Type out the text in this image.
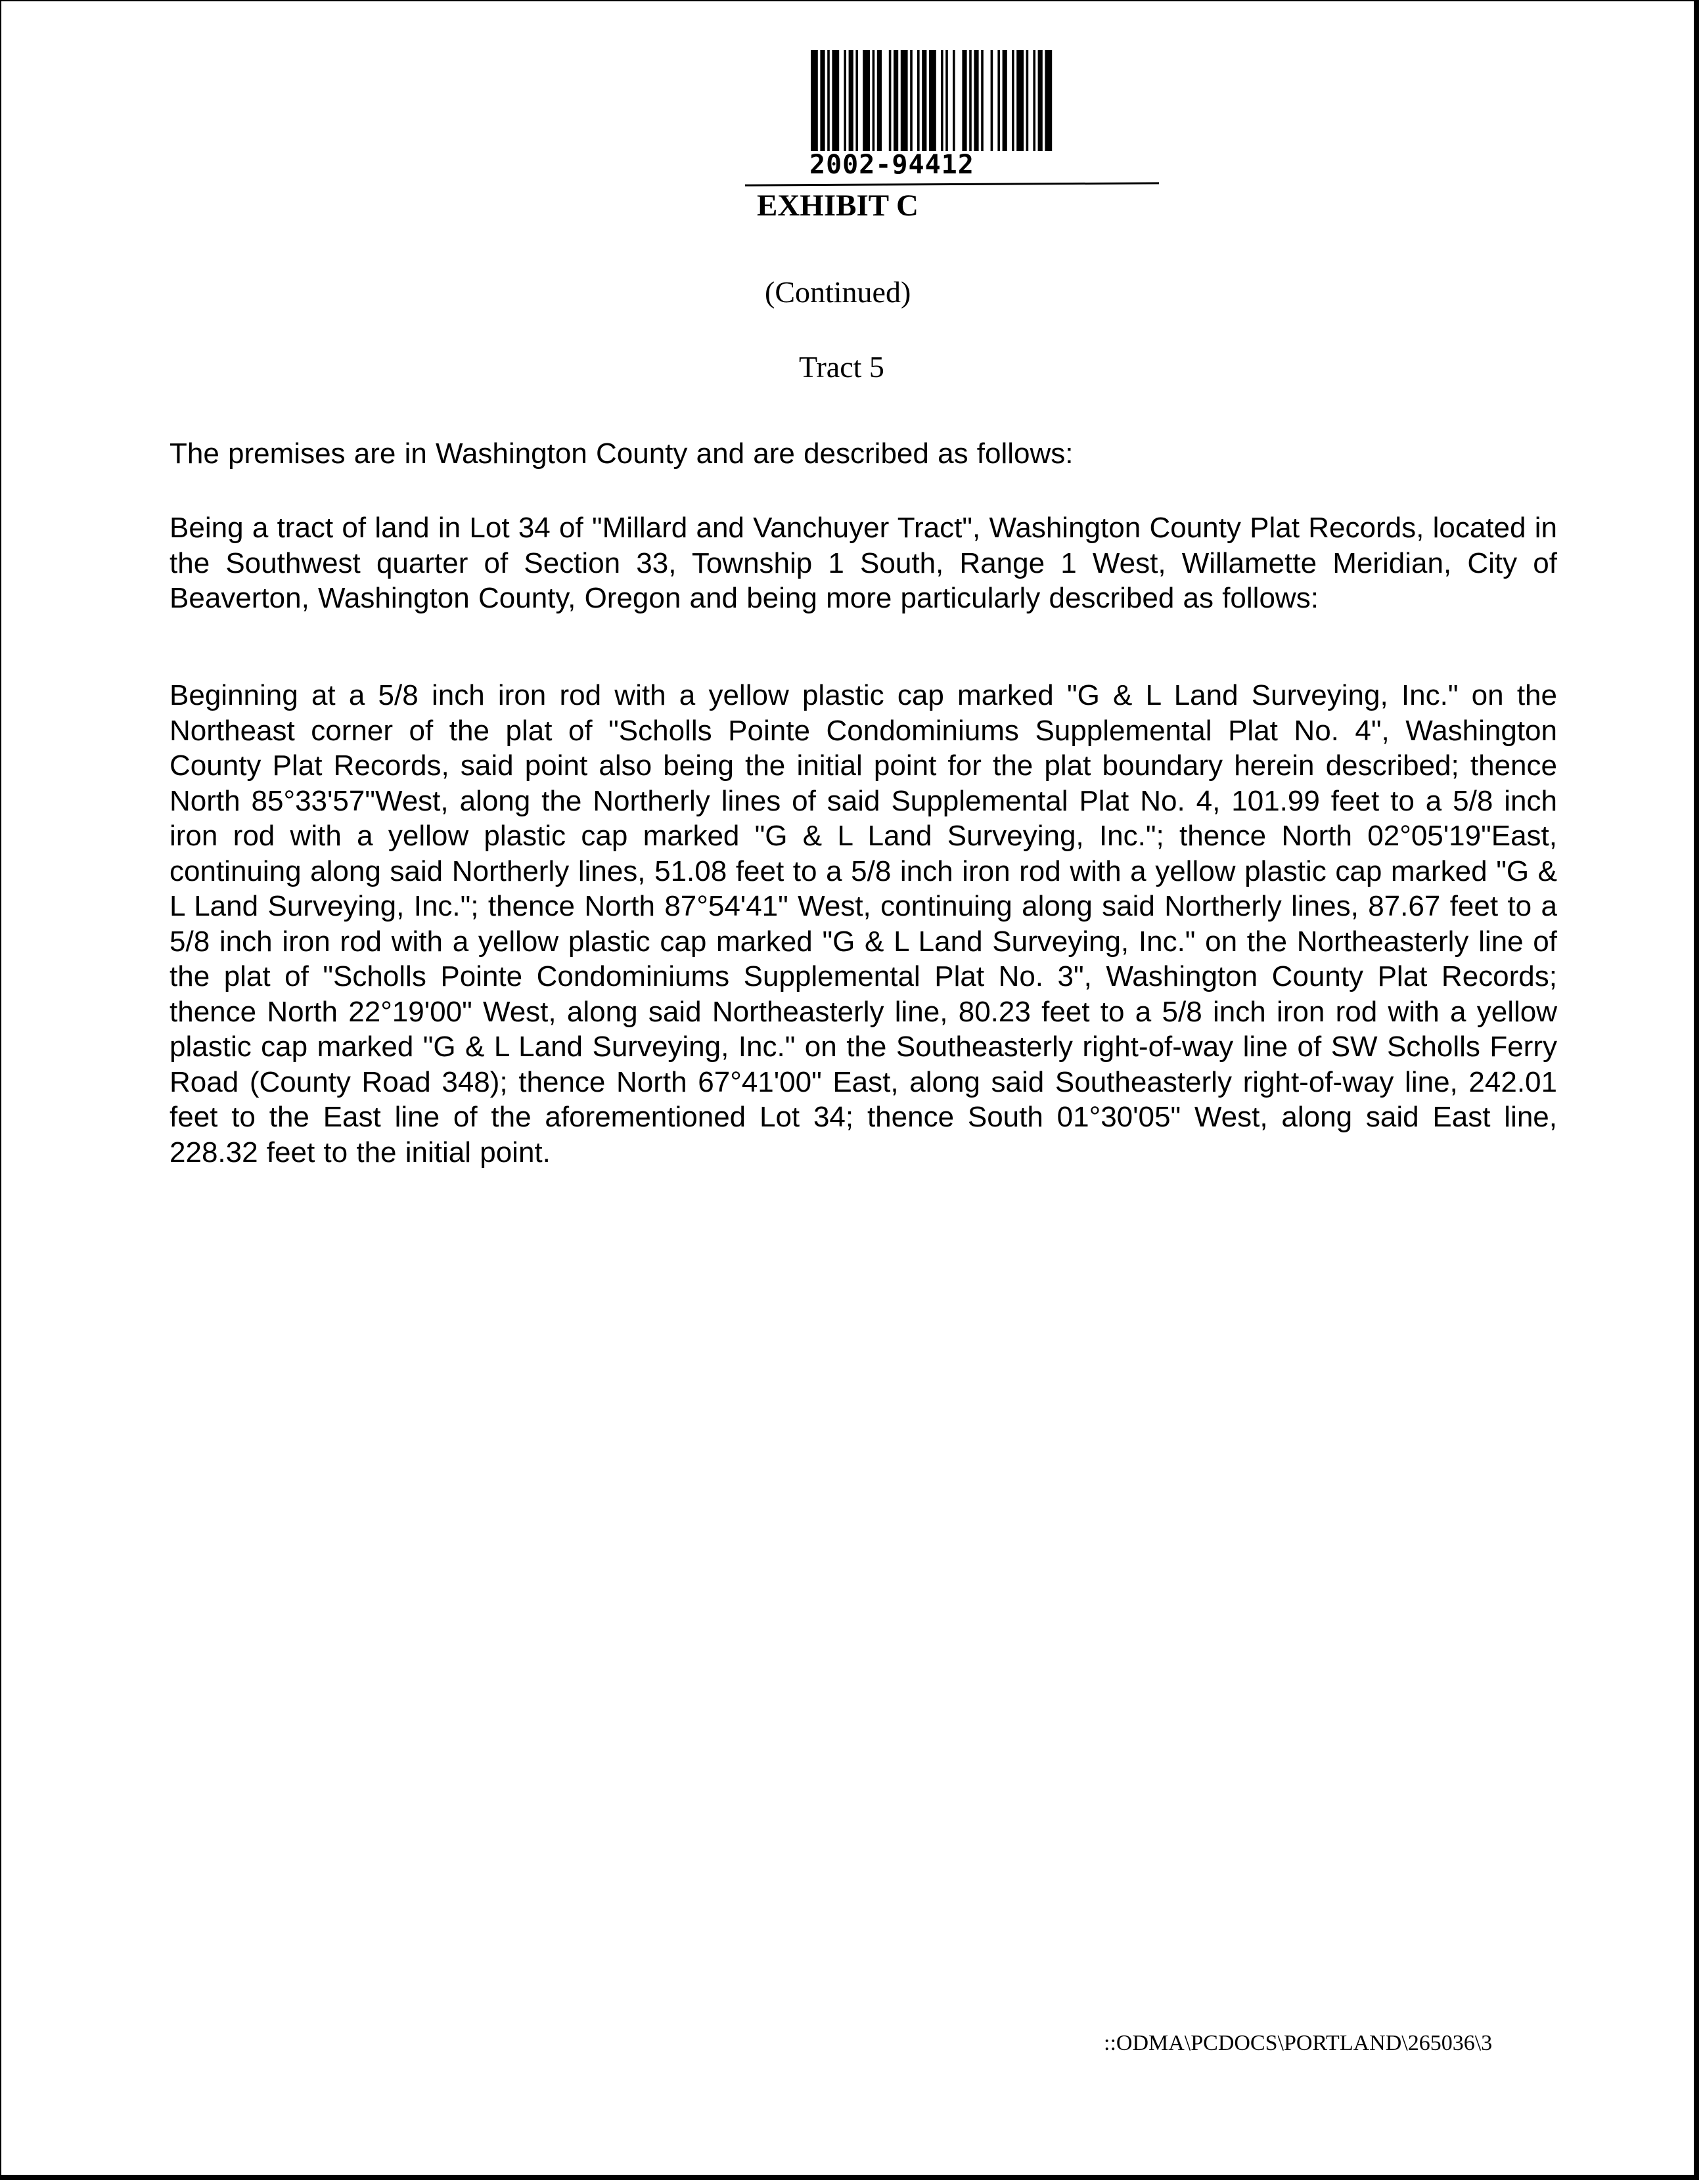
2002-94412
EXHIBIT C
(Continued)
Tract 5
The premises are in Washington County and are described as follows:
Being a tract of land in Lot 34 of "Millard and Vanchuyer Tract", Washington County Plat Records, located in the Southwest quarter of Section 33, Township 1 South, Range 1 West, Willamette Meridian, City of Beaverton, Washington County, Oregon and being more particularly described as follows:
Beginning at a 5/8 inch iron rod with a yellow plastic cap marked "G & L Land Surveying, Inc." on the Northeast corner of the plat of "Scholls Pointe Condominiums Supplemental Plat No. 4", Washington County Plat Records, said point also being the initial point for the plat boundary herein described; thence North 85°33'57"West, along the Northerly lines of said Supplemental Plat No. 4, 101.99 feet to a 5/8 inch iron rod with a yellow plastic cap marked "G & L Land Surveying, Inc."; thence North 02°05'19"East, continuing along said Northerly lines, 51.08 feet to a 5/8 inch iron rod with a yellow plastic cap marked "G & L Land Surveying, Inc."; thence North 87°54'41" West, continuing along said Northerly lines, 87.67 feet to a 5/8 inch iron rod with a yellow plastic cap marked "G & L Land Surveying, Inc." on the Northeasterly line of the plat of "Scholls Pointe Condominiums Supplemental Plat No. 3", Washington County Plat Records; thence North 22°19'00" West, along said Northeasterly line, 80.23 feet to a 5/8 inch iron rod with a yellow plastic cap marked "G & L Land Surveying, Inc." on the Southeasterly right-of-way line of SW Scholls Ferry Road (County Road 348); thence North 67°41'00" East, along said Southeasterly right-of-way line, 242.01 feet to the East line of the aforementioned Lot 34; thence South 01°30'05" West, along said East line, 228.32 feet to the initial point.
::ODMA\PCDOCS\PORTLAND\265036\3
